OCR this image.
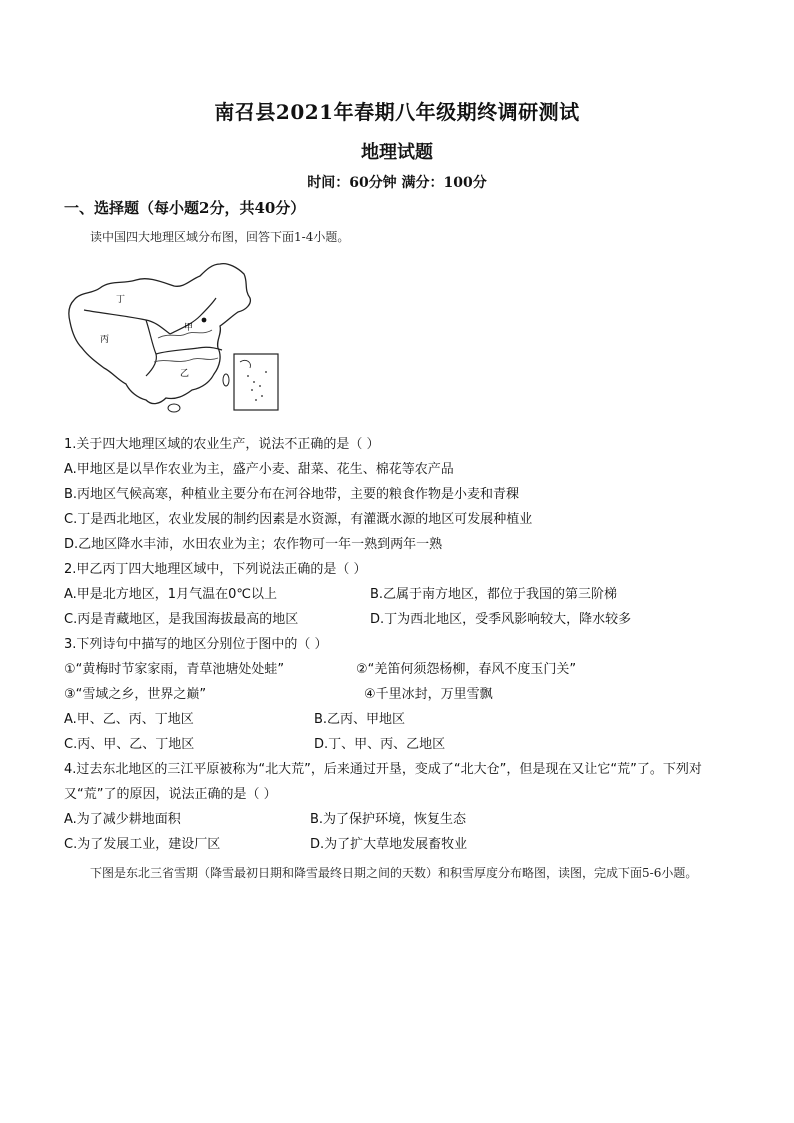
南召县2021年春期八年级期终调研测试
地理试题
时间：60分钟 满分：100分
一、选择题（每小题2分，共40分）
读中国四大地理区域分布图，回答下面1-4小题。
丁
甲
丙
乙
1.关于四大地理区域的农业生产，说法不正确的是（ ）
A.甲地区是以旱作农业为主，盛产小麦、甜菜、花生、棉花等农产品
B.丙地区气候高寒，种植业主要分布在河谷地带，主要的粮食作物是小麦和青稞
C.丁是西北地区，农业发展的制约因素是水资源，有灌溉水源的地区可发展种植业
D.乙地区降水丰沛，水田农业为主；农作物可一年一熟到两年一熟
2.甲乙丙丁四大地理区域中，下列说法正确的是（ ）
A.甲是北方地区，1月气温在0℃以上	B.乙属于南方地区，都位于我国的第三阶梯
C.丙是青藏地区，是我国海拔最高的地区	D.丁为西北地区，受季风影响较大，降水较多
3.下列诗句中描写的地区分别位于图中的（ ）
①“黄梅时节家家雨，青草池塘处处蛙”	②“羌笛何须怨杨柳，春风不度玉门关”
③“雪域之乡，世界之巅”	④千里冰封，万里雪飘
A.甲、乙、丙、丁地区	B.乙丙、甲地区
C.丙、甲、乙、丁地区	D.丁、甲、丙、乙地区
4.过去东北地区的三江平原被称为“北大荒”，后来通过开垦，变成了“北大仓”，但是现在又让它“荒”了。下列对又“荒”了的原因，说法正确的是（ ）
A.为了减少耕地面积	B.为了保护环境，恢复生态
C.为了发展工业，建设厂区	D.为了扩大草地发展畜牧业
下图是东北三省雪期（降雪最初日期和降雪最终日期之间的天数）和积雪厚度分布略图，读图，完成下面5-6小题。
